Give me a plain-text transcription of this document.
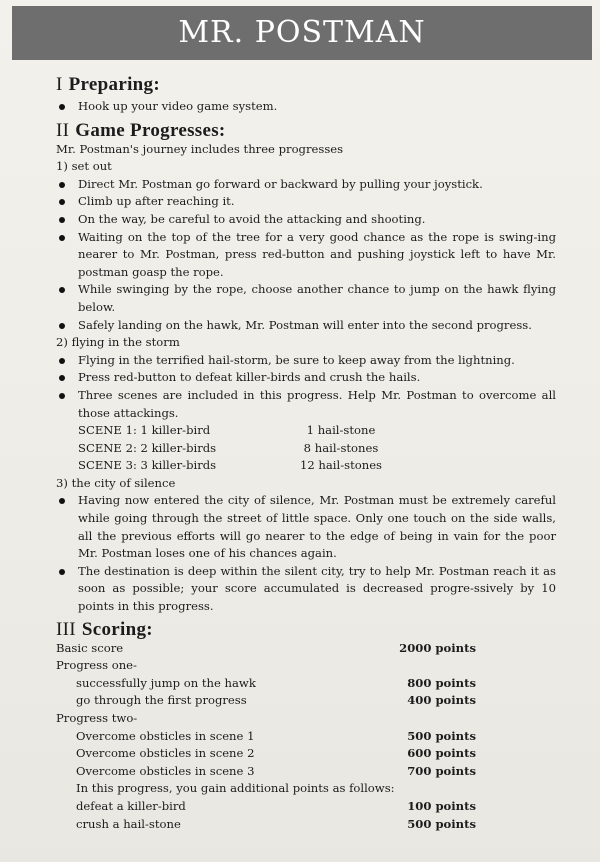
MR. POSTMAN
I Preparing:
Hook up your video game system.
II Game Progresses:
Mr. Postman's journey includes three progresses
1) set out
Direct Mr. Postman go forward or backward by pulling your joystick.
Climb up after reaching it.
On the way, be careful to avoid the attacking and shooting.
Waiting on the top of the tree for a very good chance as the rope is swing-ing nearer to Mr. Postman, press red-button and pushing joystick left to have Mr. postman goasp the rope.
While swinging by the rope, choose another chance to jump on the hawk flying below.
Safely landing on the hawk, Mr. Postman will enter into the second progress.
2) flying in the storm
Flying in the terrified hail-storm, be sure to keep away from the lightning.
Press red-button to defeat killer-birds and crush the hails.
Three scenes are included in this progress. Help Mr. Postman to overcome all those attackings.
SCENE 1: 1 killer-bird	1 hail-stone
SCENE 2: 2 killer-birds	8 hail-stones
SCENE 3: 3 killer-birds	12 hail-stones
3) the city of silence
Having now entered the city of silence, Mr. Postman must be extremely careful while going through the street of little space. Only one touch on the side walls, all the previous efforts will go nearer to the edge of being in vain for the poor Mr. Postman loses one of his chances again.
The destination is deep within the silent city, try to help Mr. Postman reach it as soon as possible; your score accumulated is decreased progre-ssively by 10 points in this progress.
III Scoring:
Basic score	2000 points
Progress one-
successfully jump on the hawk	800 points
go through the first progress	400 points
Progress two-
Overcome obsticles in scene 1	500 points
Overcome obsticles in scene 2	600 points
Overcome obsticles in scene 3	700 points
In this progress, you gain additional points as follows:
defeat a killer-bird	100 points
crush a hail-stone	500 points
